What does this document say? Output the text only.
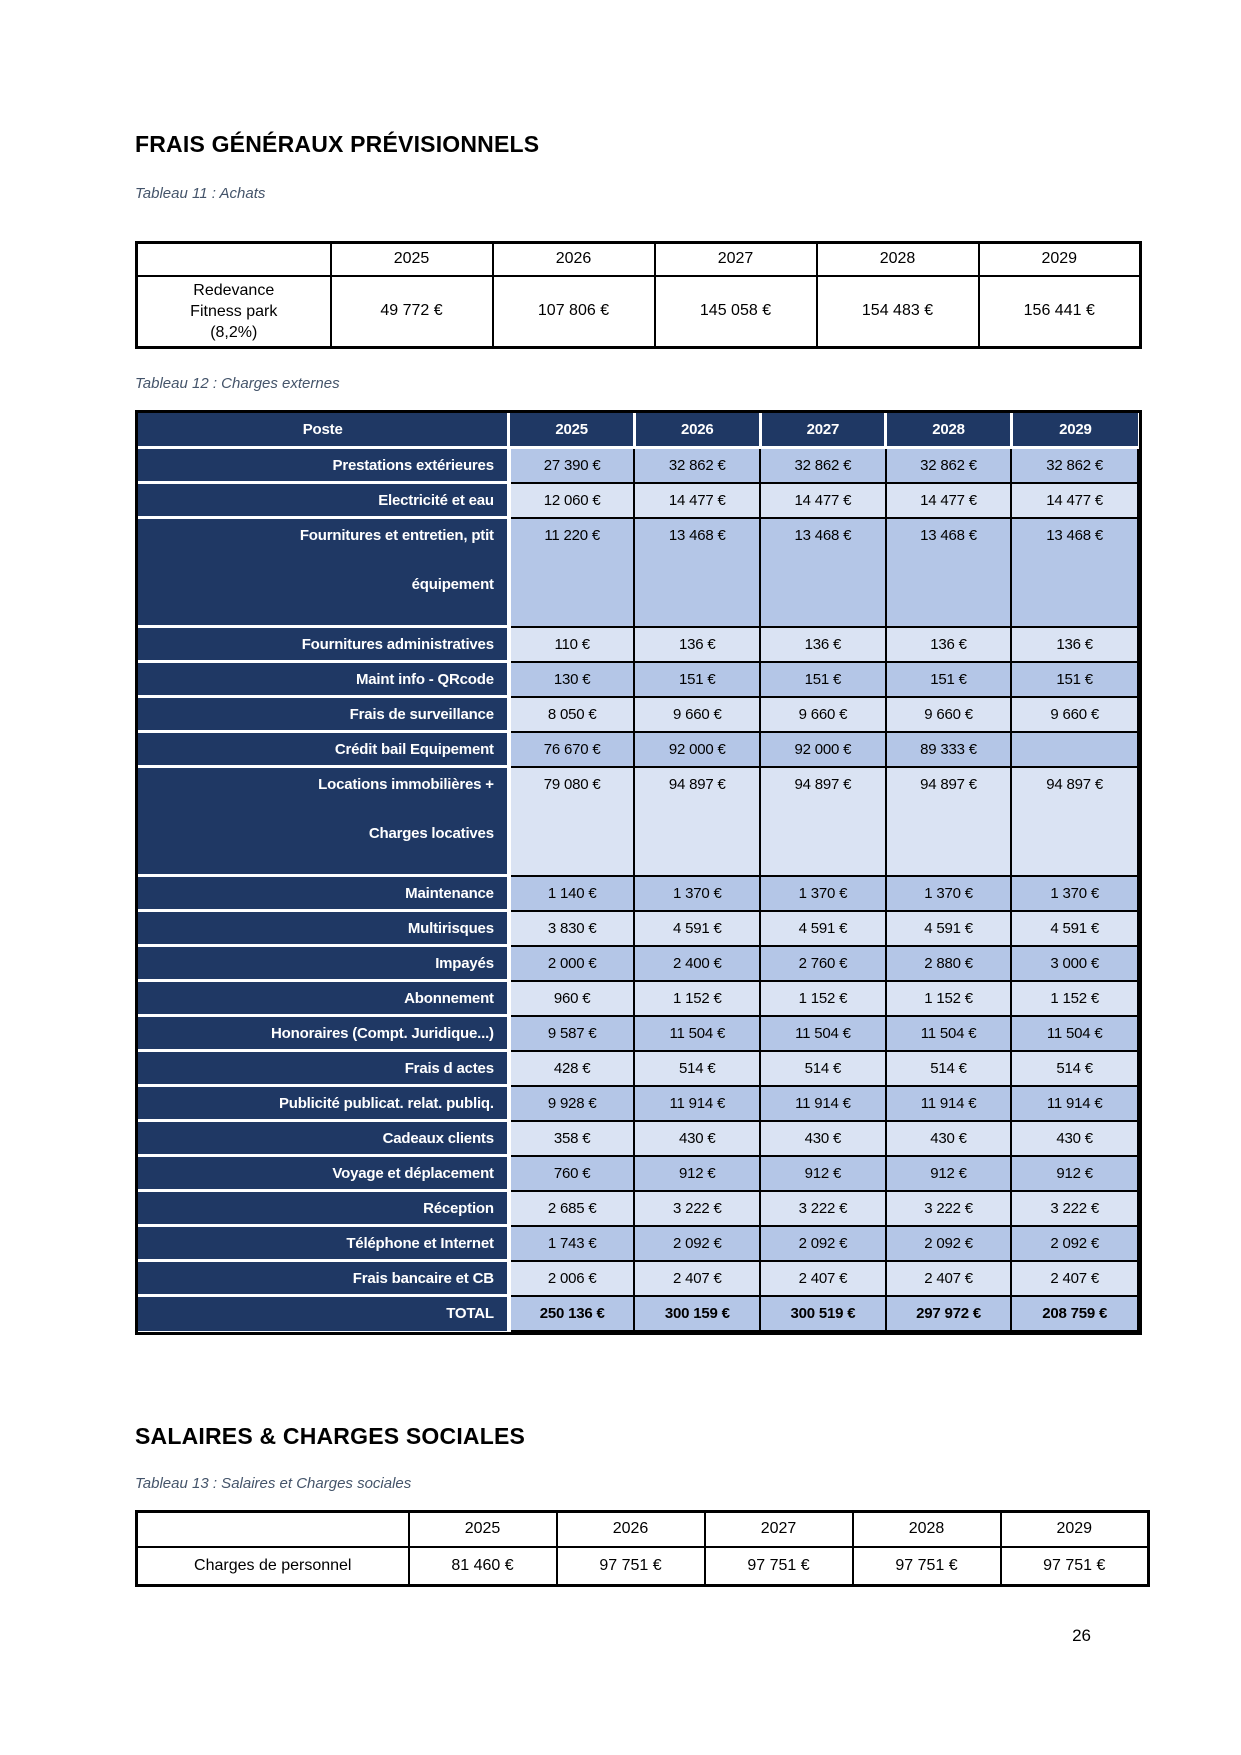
FRAIS GÉNÉRAUX PRÉVISIONNELS

Tableau 11 : Achats

	2025	2026	2027	2028	2029

Redevance
Fitness park
(8,2%)	49 772 €	107 806 €	145 058 €	154 483 €	156 441 €

Tableau 12 : Charges externes

Poste	2025	2026	2027	2028	2029

Prestations extérieures	27 390 €	32 862 €	32 862 €	32 862 €	32 862 €

Electricité et eau	12 060 €	14 477 €	14 477 €	14 477 €	14 477 €

Fournitures et entretien, ptit
équipement	11 220 €	13 468 €	13 468 €	13 468 €	13 468 €

Fournitures administratives	110 €	136 €	136 €	136 €	136 €

Maint info - QRcode	130 €	151 €	151 €	151 €	151 €

Frais de surveillance	8 050 €	9 660 €	9 660 €	9 660 €	9 660 €

Crédit bail Equipement	76 670 €	92 000 €	92 000 €	89 333 €	

Locations immobilières +
Charges locatives	79 080 €	94 897 €	94 897 €	94 897 €	94 897 €

Maintenance	1 140 €	1 370 €	1 370 €	1 370 €	1 370 €

Multirisques	3 830 €	4 591 €	4 591 €	4 591 €	4 591 €

Impayés	2 000 €	2 400 €	2 760 €	2 880 €	3 000 €

Abonnement	960 €	1 152 €	1 152 €	1 152 €	1 152 €

Honoraires (Compt. Juridique...)	9 587 €	11 504 €	11 504 €	11 504 €	11 504 €

Frais d actes	428 €	514 €	514 €	514 €	514 €

Publicité publicat. relat. publiq.	9 928 €	11 914 €	11 914 €	11 914 €	11 914 €

Cadeaux clients	358 €	430 €	430 €	430 €	430 €

Voyage et déplacement	760 €	912 €	912 €	912 €	912 €

Réception	2 685 €	3 222 €	3 222 €	3 222 €	3 222 €

Téléphone et Internet	1 743 €	2 092 €	2 092 €	2 092 €	2 092 €

Frais bancaire et CB	2 006 €	2 407 €	2 407 €	2 407 €	2 407 €

TOTAL	250 136 €	300 159 €	300 519 €	297 972 €	208 759 €
SALAIRES & CHARGES SOCIALES

Tableau 13 : Salaires et Charges sociales

	2025	2026	2027	2028	2029
Charges de personnel	81 460 €	97 751 €	97 751 €	97 751 €	97 751 €
26
